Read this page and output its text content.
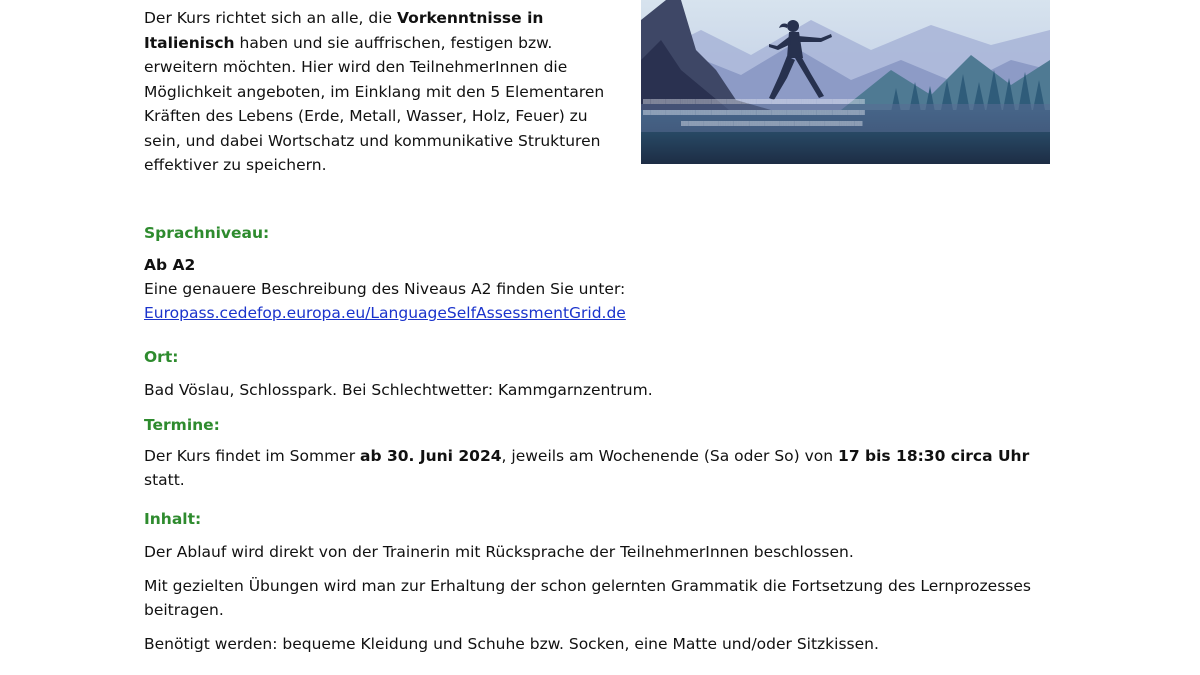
Der Kurs richtet sich an alle, die Vorkenntnisse in Italienisch haben und sie auffrischen, festigen bzw. erweitern möchten. Hier wird den TeilnehmerInnen die Möglichkeit angeboten, im Einklang mit den 5 Elementaren Kräften des Lebens (Erde, Metall, Wasser, Holz, Feuer) zu sein, und dabei Wortschatz und kommunikative Strukturen effektiver zu speichern.

▒▒▒▒▒▒▒▒▒▒▒▒▒▒▒▒▒▒▒▒▒▒▒▒▒▒▒▒▒▒▒▒▒▒▒▒▒▒▒▒▒▒▒▒▒▒▒▒▒▒▒▒▒▒▒▒▒▒▒▒▒▒▒▒▒▒▒▒▒▒▒▒▒▒▒▒▒▒▒▒▒▒▒▒▒▒▒▒
▒▒▒▒▒▒▒▒▒▒▒▒▒▒▒▒▒▒▒▒▒▒▒▒▒▒▒▒▒▒▒▒▒▒▒▒▒▒▒▒▒▒▒▒▒▒▒▒▒▒▒▒▒▒▒▒▒▒▒▒▒▒▒▒▒▒▒▒▒▒▒▒▒▒▒▒▒▒▒▒▒▒▒▒▒▒▒▒
▒▒▒▒▒▒▒▒▒▒▒▒▒▒▒▒▒▒▒▒▒▒▒▒▒▒▒▒▒▒▒▒▒▒▒▒▒▒▒▒▒▒▒▒▒▒▒▒▒▒▒▒▒▒▒▒▒▒▒▒▒▒▒▒▒▒▒▒▒▒▒▒

Sprachniveau:

Ab A2

Eine genauere Beschreibung des Niveaus A2 finden Sie unter:

Europass.cedefop.europa.eu/LanguageSelfAssessmentGrid.de

Ort:

Bad Vöslau, Schlosspark. Bei Schlechtwetter: Kammgarnzentrum.

Termine:

Der Kurs findet im Sommer ab 30. Juni 2024, jeweils am Wochenende (Sa oder So) von 17 bis 18:30 circa Uhr statt.

Inhalt:

Der Ablauf wird direkt von der Trainerin mit Rücksprache der TeilnehmerInnen beschlossen.

Mit gezielten Übungen wird man zur Erhaltung der schon gelernten Grammatik die Fortsetzung des Lernprozesses beitragen.

Benötigt werden: bequeme Kleidung und Schuhe bzw. Socken, eine Matte und/oder Sitzkissen.
